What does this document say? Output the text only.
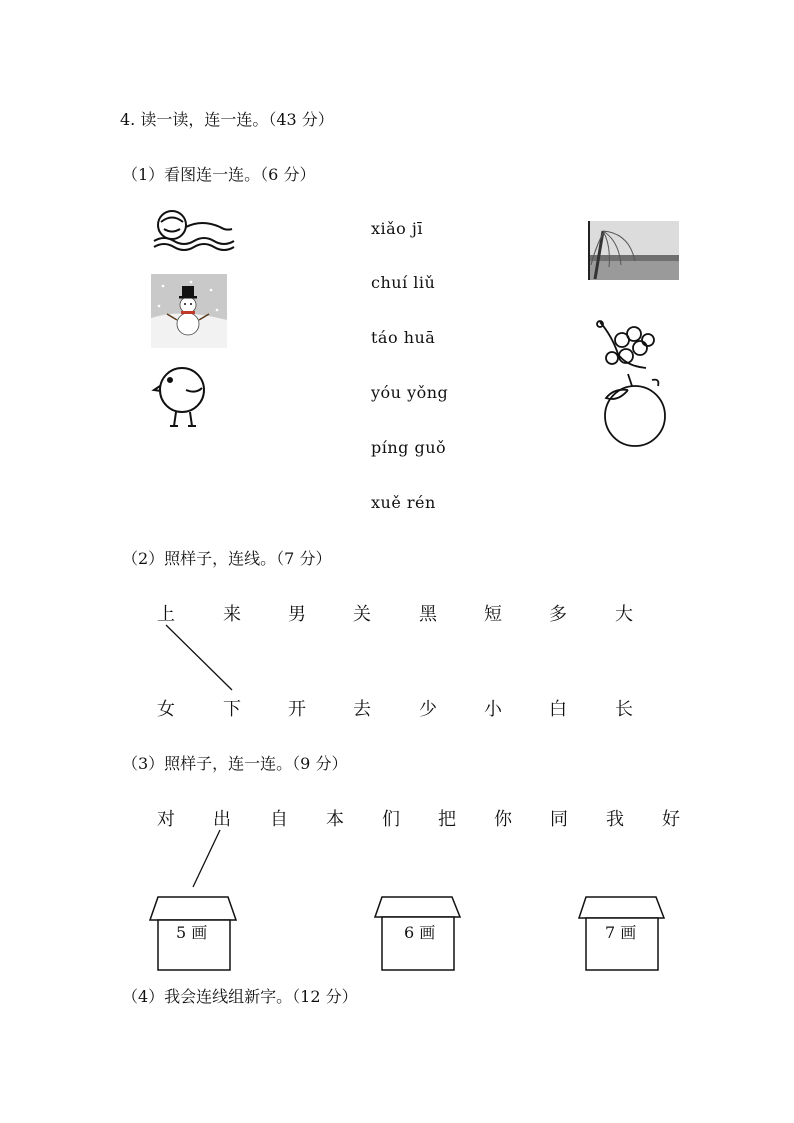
4. 读一读，连一连。（43 分）
（1）看图连一连。（6 分）
xiǎo jī
chuí liǔ
táo huā
yóu yǒng
píng guǒ
xuě rén
（2）照样子，连线。（7 分）
上	来	男	关	黑	短	多	大
女	下	开	去	少	小	白	长
（3）照样子，连一连。（9 分）
对 出 自 本 们 把 你 同 我 好
5 画	6 画	7 画
（4）我会连线组新字。（12 分）
